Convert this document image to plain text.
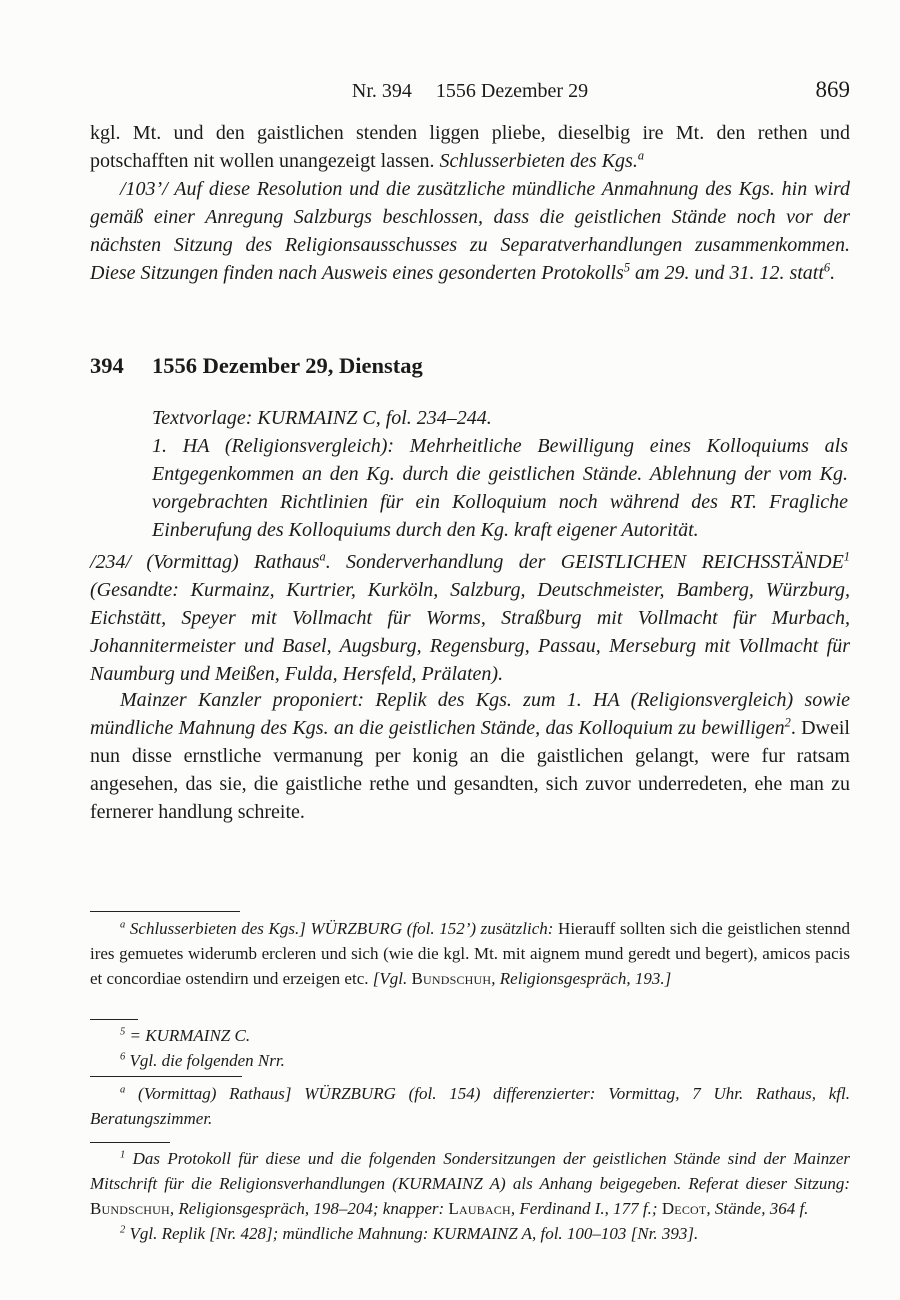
Nr. 394 1556 Dezember 29	869

kgl. Mt. und den gaistlichen stenden liggen pliebe, dieselbig ire Mt. den rethen und potschafften nit wollen unangezeigt lassen. Schlusserbieten des Kgs.$^a$

/103’/ Auf diese Resolution und die zusätzliche mündliche Anmahnung des Kgs. hin wird gemäß einer Anregung Salzburgs beschlossen, dass die geistlichen Stände noch vor der nächsten Sitzung des Religionsausschusses zu Separatverhandlungen zusammenkommen. Diese Sitzungen finden nach Ausweis eines gesonderten Protokolls$^5$ am 29. und 31. 12. statt$^6$.

394 1556 Dezember 29, Dienstag

Textvorlage: KURMAINZ C, fol. 234–244.

1. HA (Religionsvergleich): Mehrheitliche Bewilligung eines Kolloquiums als Entgegenkommen an den Kg. durch die geistlichen Stände. Ablehnung der vom Kg. vorgebrachten Richtlinien für ein Kolloquium noch während des RT. Fragliche Einberufung des Kolloquiums durch den Kg. kraft eigener Autorität.

/234/ (Vormittag) Rathaus$^a$. Sonderverhandlung der GEISTLICHEN REICHSSTÄNDE$^1$ (Gesandte: Kurmainz, Kurtrier, Kurköln, Salzburg, Deutschmeister, Bamberg, Würzburg, Eichstätt, Speyer mit Vollmacht für Worms, Straßburg mit Vollmacht für Murbach, Johannitermeister und Basel, Augsburg, Regensburg, Passau, Merseburg mit Vollmacht für Naumburg und Meißen, Fulda, Hersfeld, Prälaten).

Mainzer Kanzler proponiert: Replik des Kgs. zum 1. HA (Religionsvergleich) sowie mündliche Mahnung des Kgs. an die geistlichen Stände, das Kolloquium zu bewilligen$^2$. Dweil nun disse ernstliche vermanung per konig an die gaistlichen gelangt, were fur ratsam angesehen, das sie, die gaistliche rethe und gesandten, sich zuvor underredeten, ehe man zu fernerer handlung schreite.

$^a$ Schlusserbieten des Kgs.] WÜRZBURG (fol. 152’) zusätzlich: Hierauff sollten sich die geistlichen stennd ires gemuetes widerumb ercleren und sich (wie die kgl. Mt. mit aignem mund geredt und begert), amicos pacis et concordiae ostendirn und erzeigen etc. [Vgl. Bundschuh, Religionsgespräch, 193.]

$^5$ = KURMAINZ C.

$^6$ Vgl. die folgenden Nrr.

$^a$ (Vormittag) Rathaus] WÜRZBURG (fol. 154) differenzierter: Vormittag, 7 Uhr. Rathaus, kfl. Beratungszimmer.

$^1$ Das Protokoll für diese und die folgenden Sondersitzungen der geistlichen Stände sind der Mainzer Mitschrift für die Religionsverhandlungen (KURMAINZ A) als Anhang beigegeben. Referat dieser Sitzung: Bundschuh, Religionsgespräch, 198–204; knapper: Laubach, Ferdinand I., 177 f.; Decot, Stände, 364 f.

$^2$ Vgl. Replik [Nr. 428]; mündliche Mahnung: KURMAINZ A, fol. 100–103 [Nr. 393].
